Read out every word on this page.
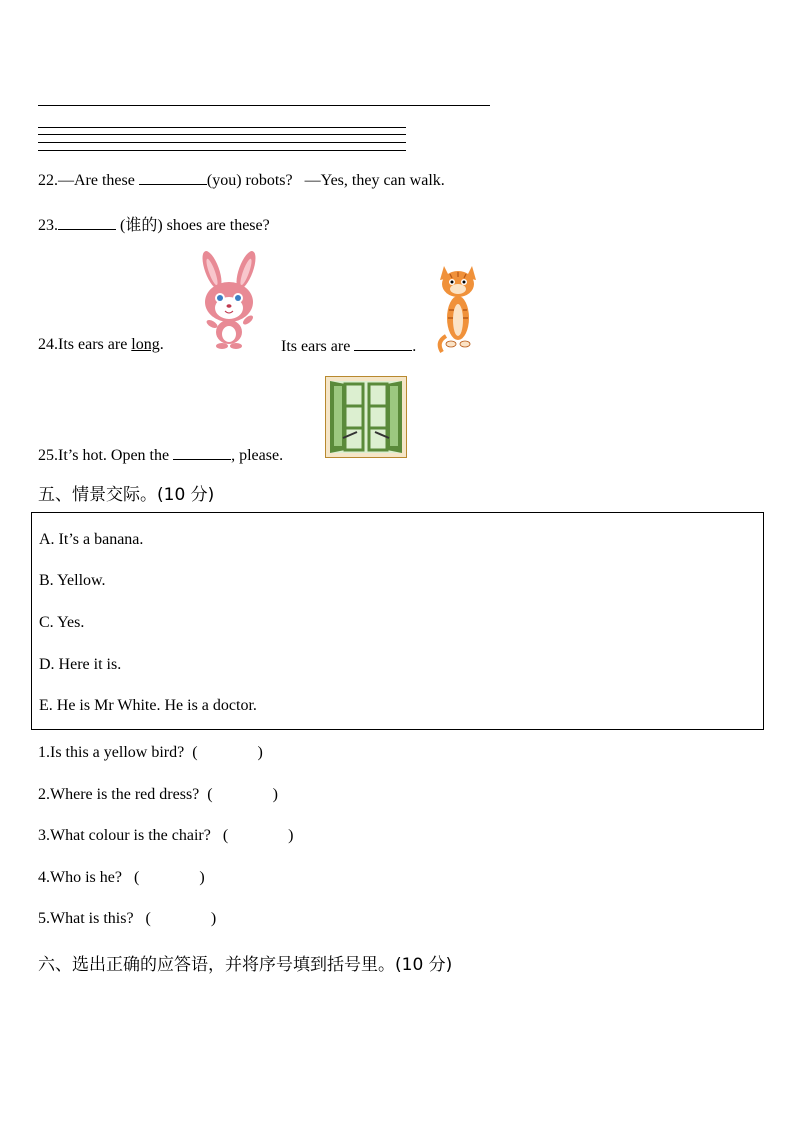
22.—Are these	(you) robots? —Yes, they can walk.
23.	(谁的) shoes are these?
24.Its ears are long.	Its ears are	.
25.It’s hot. Open the	, please.
五、情景交际。(10 分)
A. It’s a banana.
B. Yellow.
C. Yes.
D. Here it is.
E. He is Mr White. He is a doctor.
1.Is this a yellow bird? (	)
2.Where is the red dress? (	)
3.What colour is the chair? (	)
4.Who is he? (	)
5.What is this? (	)
六、选出正确的应答语，并将序号填到括号里。(10 分)
